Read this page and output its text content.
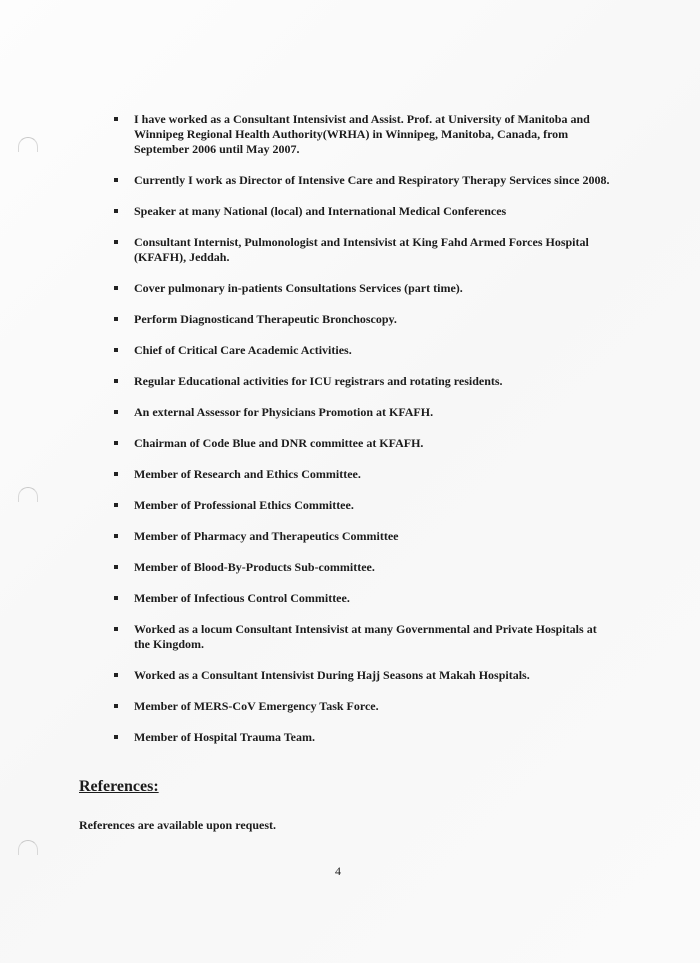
I have worked as a Consultant Intensivist and Assist. Prof. at University of Manitoba and Winnipeg Regional Health Authority(WRHA) in Winnipeg, Manitoba, Canada, from September 2006 until May 2007.
Currently I work as Director of Intensive Care and Respiratory Therapy Services since 2008.
Speaker at many National (local) and International Medical Conferences
Consultant Internist, Pulmonologist and Intensivist at King Fahd Armed Forces Hospital (KFAFH), Jeddah.
Cover pulmonary in-patients Consultations Services (part time).
Perform Diagnosticand Therapeutic Bronchoscopy.
Chief of Critical Care Academic Activities.
Regular Educational activities for ICU registrars and rotating residents.
An external Assessor for Physicians Promotion at KFAFH.
Chairman of Code Blue and DNR committee at KFAFH.
Member of Research and Ethics Committee.
Member of Professional Ethics Committee.
Member of Pharmacy and Therapeutics Committee
Member of Blood-By-Products Sub-committee.
Member of Infectious Control Committee.
Worked as a locum Consultant Intensivist at many Governmental and Private Hospitals at the Kingdom.
Worked as a Consultant Intensivist During Hajj Seasons at Makah Hospitals.
Member of MERS-CoV Emergency Task Force.
Member of Hospital Trauma Team.
References:
References are available upon request.
4
